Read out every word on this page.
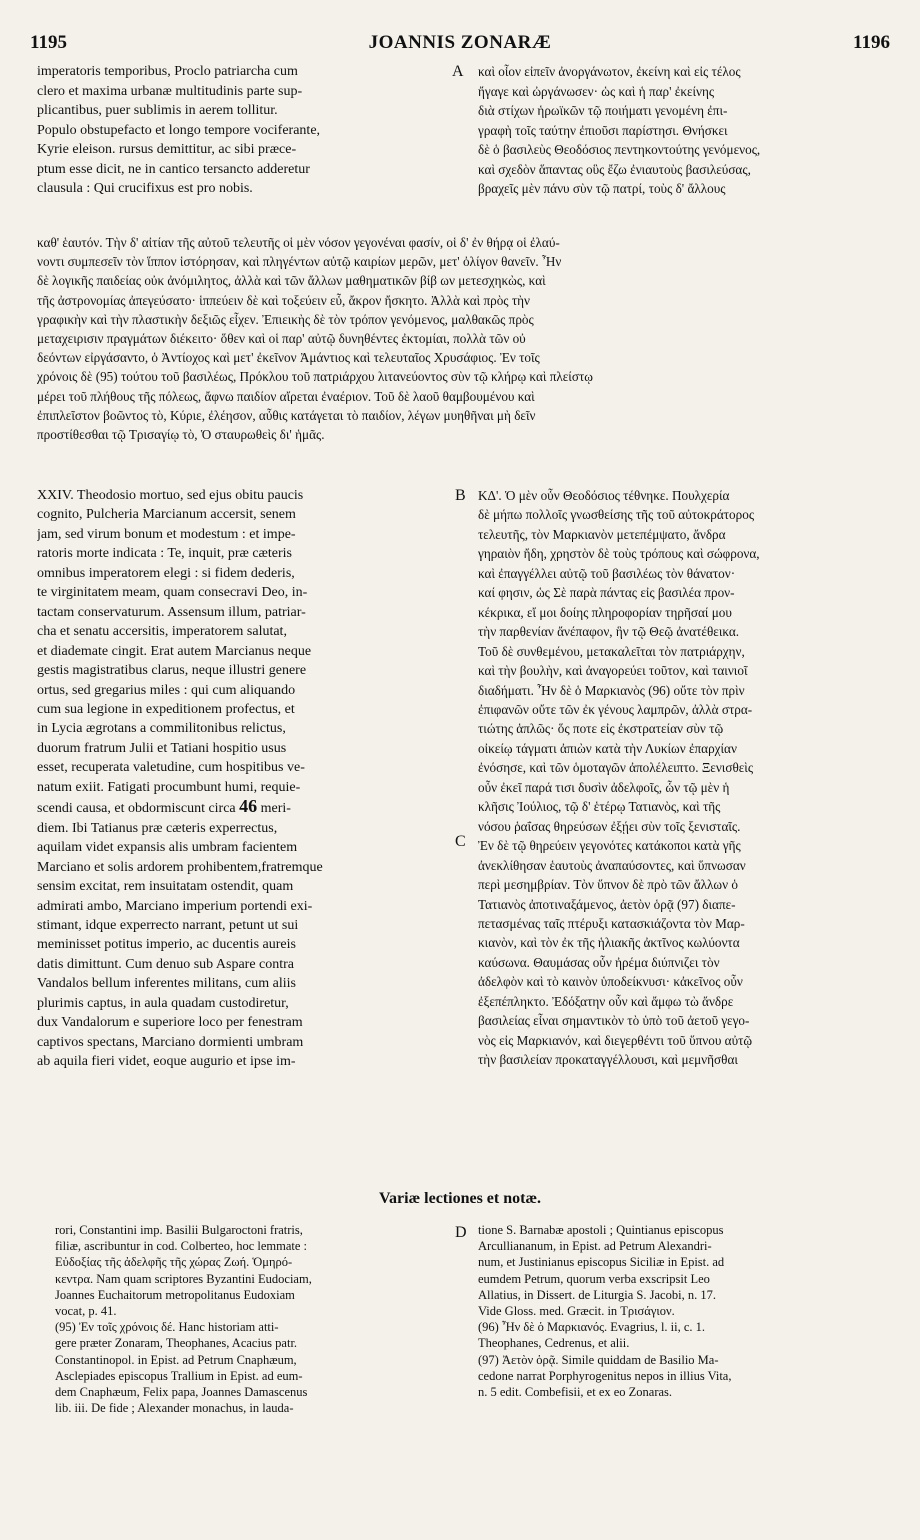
1195	JOANNIS ZONARÆ	1196
A
B
C
D
imperatoris temporibus, Proclo patriarcha cum
clero et maxima urbanæ multitudinis parte sup-
plicantibus, puer sublimis in aerem tollitur.
Populo obstupefacto et longo tempore vociferante,
Kyrie eleison. rursus demittitur, ac sibi præce-
ptum esse dicit, ne in cantico tersancto adderetur
clausula : Qui crucifixus est pro nobis.
καὶ οἷον εἰπεῖν ἀνοργάνωτον, ἐκείνη καὶ εἰς τέλος
ἤγαγε καὶ ὠργάνωσεν· ὡς καὶ ἡ παρ' ἐκείνης
διὰ στίχων ἡρωϊκῶν τῷ ποιήματι γενομένη ἐπι-
γραφὴ τοῖς ταύτην ἐπιοῦσι παρίστησι. Θνήσκει
δὲ ὁ βασιλεὺς Θεοδόσιος πεντηκοντούτης γενόμενος,
καὶ σχεδὸν ἅπαντας οὓς ἔζω ἐνιαυτοὺς βασιλεύσας,
βραχεῖς μὲν πάνυ σὺν τῷ πατρί, τοὺς δ' ἄλλους
καθ' ἑαυτόν. Τὴν δ' αἰτίαν τῆς αὐτοῦ τελευτῆς οἱ μὲν νόσον γεγονέναι φασίν, οἱ δ' ἐν θήρᾳ οἱ ἐλαύ-
νοντι συμπεσεῖν τὸν ἵππον ἱστόρησαν, καὶ πληγέντων αὐτῷ καιρίων μερῶν, μετ' ὀλίγον θανεῖν. Ἦν
δὲ λογικῆς παιδείας οὐκ ἀνόμιλητος, ἀλλὰ καὶ τῶν ἄλλων μαθηματικῶν βίβ ων μετεσχηκὼς, καὶ
τῆς ἀστρονομίας ἀπεγεύσατο· ἱππεύειν δὲ καὶ τοξεύειν εὖ, ἄκρον ἤσκητο. Ἀλλὰ καὶ πρὸς τὴν
γραφικὴν καὶ τὴν πλαστικὴν δεξιῶς εἶχεν. Ἐπιεικὴς δὲ τὸν τρόπον γενόμενος, μαλθακῶς πρὸς
μεταχειρισιν πραγμάτων διέκειτο· ὅθεν καὶ οἱ παρ' αὐτῷ δυνηθέντες ἐκτομίαι, πολλὰ τῶν οὐ
δεόντων εἰργάσαντο, ὁ Ἀντίοχος καὶ μετ' ἐκεῖνον Ἀμάντιος καὶ τελευταῖος Χρυσάφιος. Ἐν τοῖς
χρόνοις δὲ (95) τούτου τοῦ βασιλέως, Πρόκλου τοῦ πατριάρχου λιτανεύοντος σὺν τῷ κλήρῳ καὶ πλείστῳ
μέρει τοῦ πλήθους τῆς πόλεως, ἄφνω παιδίον αἴρεται ἐναέριον. Τοῦ δὲ λαοῦ θαμβουμένου καὶ
ἐπιπλεῖστον βοῶντος τὸ, Κύριε, ἐλέησον, αὖθις κατάγεται τὸ παιδίον, λέγων μυηθῆναι μὴ δεῖν
προστίθεσθαι τῷ Τρισαγίῳ τὸ, Ὁ σταυρωθεὶς δι' ἡμᾶς.
XXIV. Theodosio mortuo, sed ejus obitu paucis
cognito, Pulcheria Marcianum accersit, senem
jam, sed virum bonum et modestum : et impe-
ratoris morte indicata : Te, inquit, præ cæteris
omnibus imperatorem elegi : si fidem dederis,
te virginitatem meam, quam consecravi Deo, in-
tactam conservaturum. Assensum illum, patriar-
cha et senatu accersitis, imperatorem salutat,
et diademate cingit. Erat autem Marcianus neque
gestis magistratibus clarus, neque illustri genere
ortus, sed gregarius miles : qui cum aliquando
cum sua legione in expeditionem profectus, et
in Lycia ægrotans a commilitonibus relictus,
duorum fratrum Julii et Tatiani hospitio usus
esset, recuperata valetudine, cum hospitibus ve-
natum exiit. Fatigati procumbunt humi, requie-
scendi causa, et obdormiscunt circa 46 meri-
diem. Ibi Tatianus præ cæteris experrectus,
aquilam videt expansis alis umbram facientem
Marciano et solis ardorem prohibentem,fratremque
sensim excitat, rem insuitatam ostendit, quam
admirati ambo, Marciano imperium portendi exi-
stimant, idque experrecto narrant, petunt ut sui
meminisset potitus imperio, ac ducentis aureis
datis dimittunt. Cum denuo sub Aspare contra
Vandalos bellum inferentes militans, cum aliis
plurimis captus, in aula quadam custodiretur,
dux Vandalorum e superiore loco per fenestram
captivos spectans, Marciano dormienti umbram
ab aquila fieri videt, eoque augurio et ipse im-
ΚΔ'. Ὁ μὲν οὖν Θεοδόσιος τέθνηκε. Πουλχερία
δὲ μήπω πολλοῖς γνωσθείσης τῆς τοῦ αὐτοκράτορος
τελευτῆς, τὸν Μαρκιανὸν μετεπέμψατο, ἄνδρα
γηραιὸν ἤδη, χρηστὸν δὲ τοὺς τρόπους καὶ σώφρονα,
καὶ ἐπαγγέλλει αὐτῷ τοῦ βασιλέως τὸν θάνατον·
καί φησιν, ὡς Σὲ παρὰ πάντας εἰς βασιλέα προν-
κέκρικα, εἴ μοι δοίης πληροφορίαν τηρῆσαί μου
τὴν παρθενίαν ἄνέπαφον, ἣν τῷ Θεῷ ἀνατέθεικα.
Τοῦ δὲ συνθεμένου, μετακαλεῖται τὸν πατριάρχην,
καὶ τὴν βουλὴν, καὶ ἀναγορεύει τοῦτον, καὶ ταινιοῖ
διαδήματι. Ἦν δὲ ὁ Μαρκιανὸς (96) οὔτε τὸν πρὶν
ἐπιφανῶν οὔτε τῶν ἐκ γένους λαμπρῶν, ἀλλὰ στρα-
τιώτης ἁπλῶς· ὅς ποτε εἰς ἐκστρατείαν σὺν τῷ
οἰκείῳ τάγματι ἀπιὼν κατὰ τὴν Λυκίων ἐπαρχίαν
ἐνόσησε, καὶ τῶν ὁμοταγῶν ἀπολέλειπτο. Ξενισθεὶς
οὖν ἐκεῖ παρά τισι δυσὶν ἀδελφοῖς, ὧν τῷ μὲν ἡ
κλῆσις Ἰούλιος, τῷ δ' ἑτέρῳ Τατιανὸς, καὶ τῆς
νόσου ῥαΐσας θηρεύσων ἐξῄει σὺν τοῖς ξενισταῖς.
Ἐν δὲ τῷ θηρεύειν γεγονότες κατάκοποι κατὰ γῆς
ἀνεκλίθησαν ἑαυτοὺς ἀναπαύσοντες, καὶ ὕπνωσαν
περὶ μεσημβρίαν. Τὸν ὕπνον δὲ πρὸ τῶν ἄλλων ὁ
Τατιανὸς ἀποτιναξάμενος, ἀετὸν ὁρᾷ (97) διαπε-
πετασμένας ταῖς πτέρυξι κατασκιάζοντα τὸν Μαρ-
κιανὸν, καὶ τὸν ἐκ τῆς ἡλιακῆς ἀκτῖνος κωλύοντα
καύσωνα. Θαυμάσας οὖν ἠρέμα διύπνιζει τὸν
ἀδελφὸν καὶ τὸ καινὸν ὑποδείκνυσι· κἀκεῖνος οὖν
ἐξεπέπληκτο. Ἐδόξατην οὖν καὶ ἄμφω τὼ ἄνδρε
βασιλείας εἶναι σημαντικὸν τὸ ὑπὸ τοῦ ἀετοῦ γεγο-
νὸς εἰς Μαρκιανόν, καὶ διεγερθέντι τοῦ ὕπνου αὐτῷ
τὴν βασιλείαν προκαταγγέλλουσι, καὶ μεμνῆσθαι
Variæ lectiones et notæ.
rori, Constantini imp. Basilii Bulgaroctoni fratris,
filiæ, ascribuntur in cod. Colberteo, hoc lemmate :
Εὐδοξίας τῆς ἀδελφῆς τῆς χώρας Ζωή. Ὁμηρό-
κεντρα. Nam quam scriptores Byzantini Eudociam,
Joannes Euchaitorum metropolitanus Eudoxiam
vocat, p. 41.
(95) Ἐν τοῖς χρόνοις δέ. Hanc historiam atti-
gere præter Zonaram, Theophanes, Acacius patr.
Constantinopol. in Epist. ad Petrum Cnaphæum,
Asclepiades episcopus Trallium in Epist. ad eum-
dem Cnaphæum, Felix papa, Joannes Damascenus
lib. iii. De fide ; Alexander monachus, in lauda-
tione S. Barnabæ apostoli ; Quintianus episcopus
Arculliananum, in Epist. ad Petrum Alexandri-
num, et Justinianus episcopus Siciliæ in Epist. ad
eumdem Petrum, quorum verba exscripsit Leo
Allatius, in Dissert. de Liturgia S. Jacobi, n. 17.
Vide Gloss. med. Græcit. in Τρισάγιον.
(96) Ἦν δὲ ὁ Μαρκιανός. Evagrius, l. ii, c. 1.
Theophanes, Cedrenus, et alii.
(97) Ἀετὸν ὁρᾷ. Simile quiddam de Basilio Ma-
cedone narrat Porphyrogenitus nepos in illius Vita,
n. 5 edit. Combefisii, et ex eo Zonaras.
